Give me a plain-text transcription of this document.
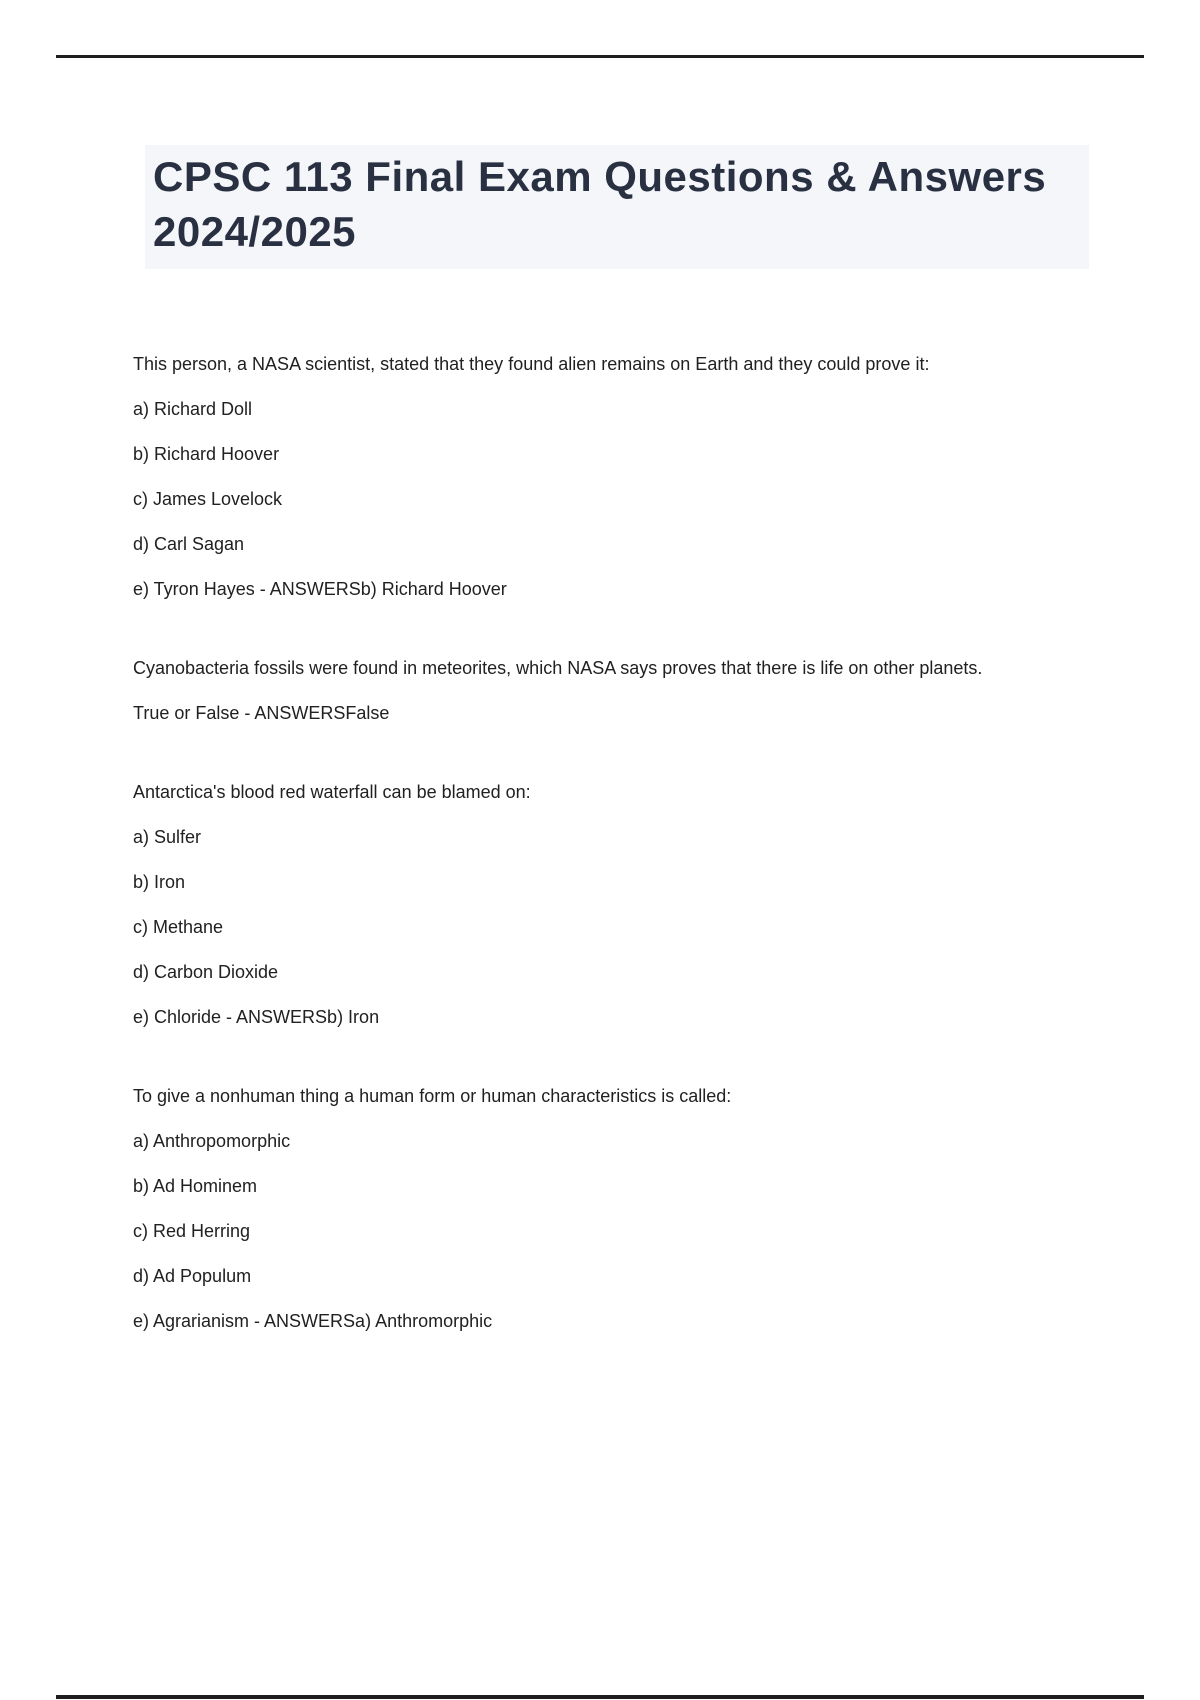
CPSC 113 Final Exam Questions & Answers 2024/2025

This person, a NASA scientist, stated that they found alien remains on Earth and they could prove it:

a) Richard Doll

b) Richard Hoover

c) James Lovelock

d) Carl Sagan

e) Tyron Hayes - ANSWERSb) Richard Hoover

Cyanobacteria fossils were found in meteorites, which NASA says proves that there is life on other planets.

True or False - ANSWERSFalse

Antarctica's blood red waterfall can be blamed on:

a) Sulfer

b) Iron

c) Methane

d) Carbon Dioxide

e) Chloride - ANSWERSb) Iron

To give a nonhuman thing a human form or human characteristics is called:

a) Anthropomorphic

b) Ad Hominem

c) Red Herring

d) Ad Populum

e) Agrarianism - ANSWERSa) Anthromorphic
